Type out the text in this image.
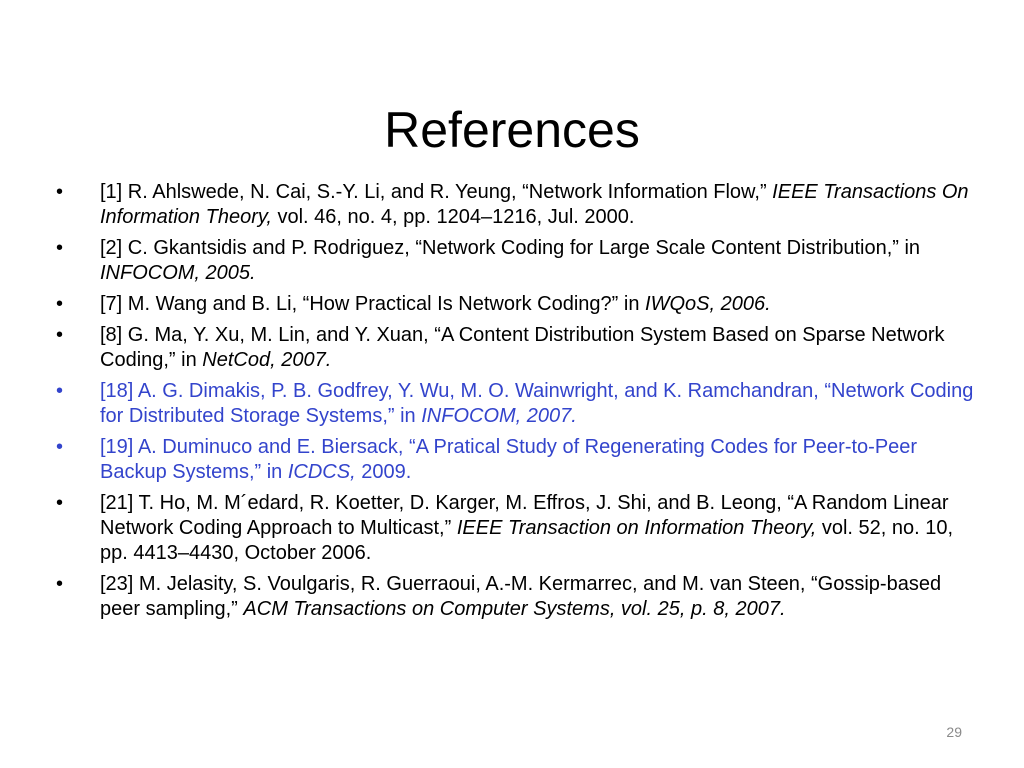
References
•	[1] R. Ahlswede, N. Cai, S.-Y. Li, and R. Yeung, “Network Information Flow,” IEEE Transactions On Information Theory, vol. 46, no. 4, pp. 1204–1216, Jul. 2000.
•	[2] C. Gkantsidis and P. Rodriguez, “Network Coding for Large Scale Content Distribution,” in INFOCOM, 2005.
•	[7] M. Wang and B. Li, “How Practical Is Network Coding?” in IWQoS, 2006.
•	[8] G. Ma, Y. Xu, M. Lin, and Y. Xuan, “A Content Distribution System Based on Sparse Network Coding,” in NetCod, 2007.
•	[18] A. G. Dimakis, P. B. Godfrey, Y. Wu, M. O. Wainwright, and K. Ramchandran, “Network Coding for Distributed Storage Systems,” in INFOCOM, 2007.
•	[19] A. Duminuco and E. Biersack, “A Pratical Study of Regenerating Codes for Peer-to-Peer Backup Systems,” in ICDCS, 2009.
•	[21] T. Ho, M. M´edard, R. Koetter, D. Karger, M. Effros, J. Shi, and B. Leong, “A Random Linear Network Coding Approach to Multicast,” IEEE Transaction on Information Theory, vol. 52, no. 10, pp. 4413–4430, October 2006.
•	[23] M. Jelasity, S. Voulgaris, R. Guerraoui, A.-M. Kermarrec, and M. van Steen, “Gossip-based peer sampling,” ACM Transactions on Computer Systems, vol. 25, p. 8, 2007.
29
